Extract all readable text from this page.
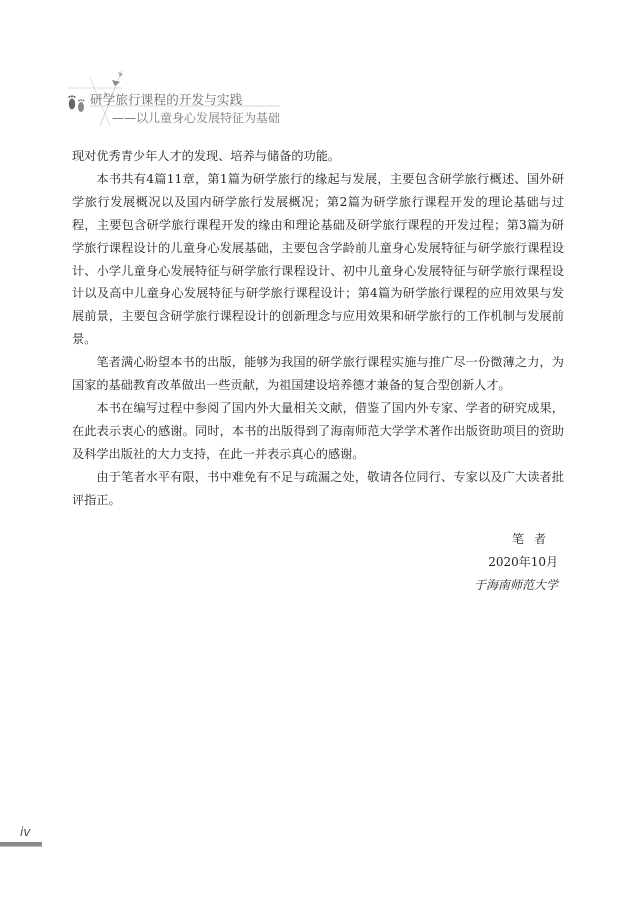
研学旅行课程的开发与实践
——以儿童身心发展特征为基础

现对优秀青少年人才的发现、培养与储备的功能。

本书共有4篇11章，第1篇为研学旅行的缘起与发展，主要包含研学旅行概述、国外研学旅行发展概况以及国内研学旅行发展概况；第2篇为研学旅行课程开发的理论基础与过程，主要包含研学旅行课程开发的缘由和理论基础及研学旅行课程的开发过程；第3篇为研学旅行课程设计的儿童身心发展基础，主要包含学龄前儿童身心发展特征与研学旅行课程设计、小学儿童身心发展特征与研学旅行课程设计、初中儿童身心发展特征与研学旅行课程设计以及高中儿童身心发展特征与研学旅行课程设计；第4篇为研学旅行课程的应用效果与发展前景，主要包含研学旅行课程设计的创新理念与应用效果和研学旅行的工作机制与发展前景。

笔者满心盼望本书的出版，能够为我国的研学旅行课程实施与推广尽一份微薄之力，为国家的基础教育改革做出一些贡献，为祖国建设培养德才兼备的复合型创新人才。

本书在编写过程中参阅了国内外大量相关文献，借鉴了国内外专家、学者的研究成果，在此表示衷心的感谢。同时，本书的出版得到了海南师范大学学术著作出版资助项目的资助及科学出版社的大力支持，在此一并表示真心的感谢。

由于笔者水平有限，书中难免有不足与疏漏之处，敬请各位同行、专家以及广大读者批评指正。

笔者
2020年10月
于海南师范大学
iv
